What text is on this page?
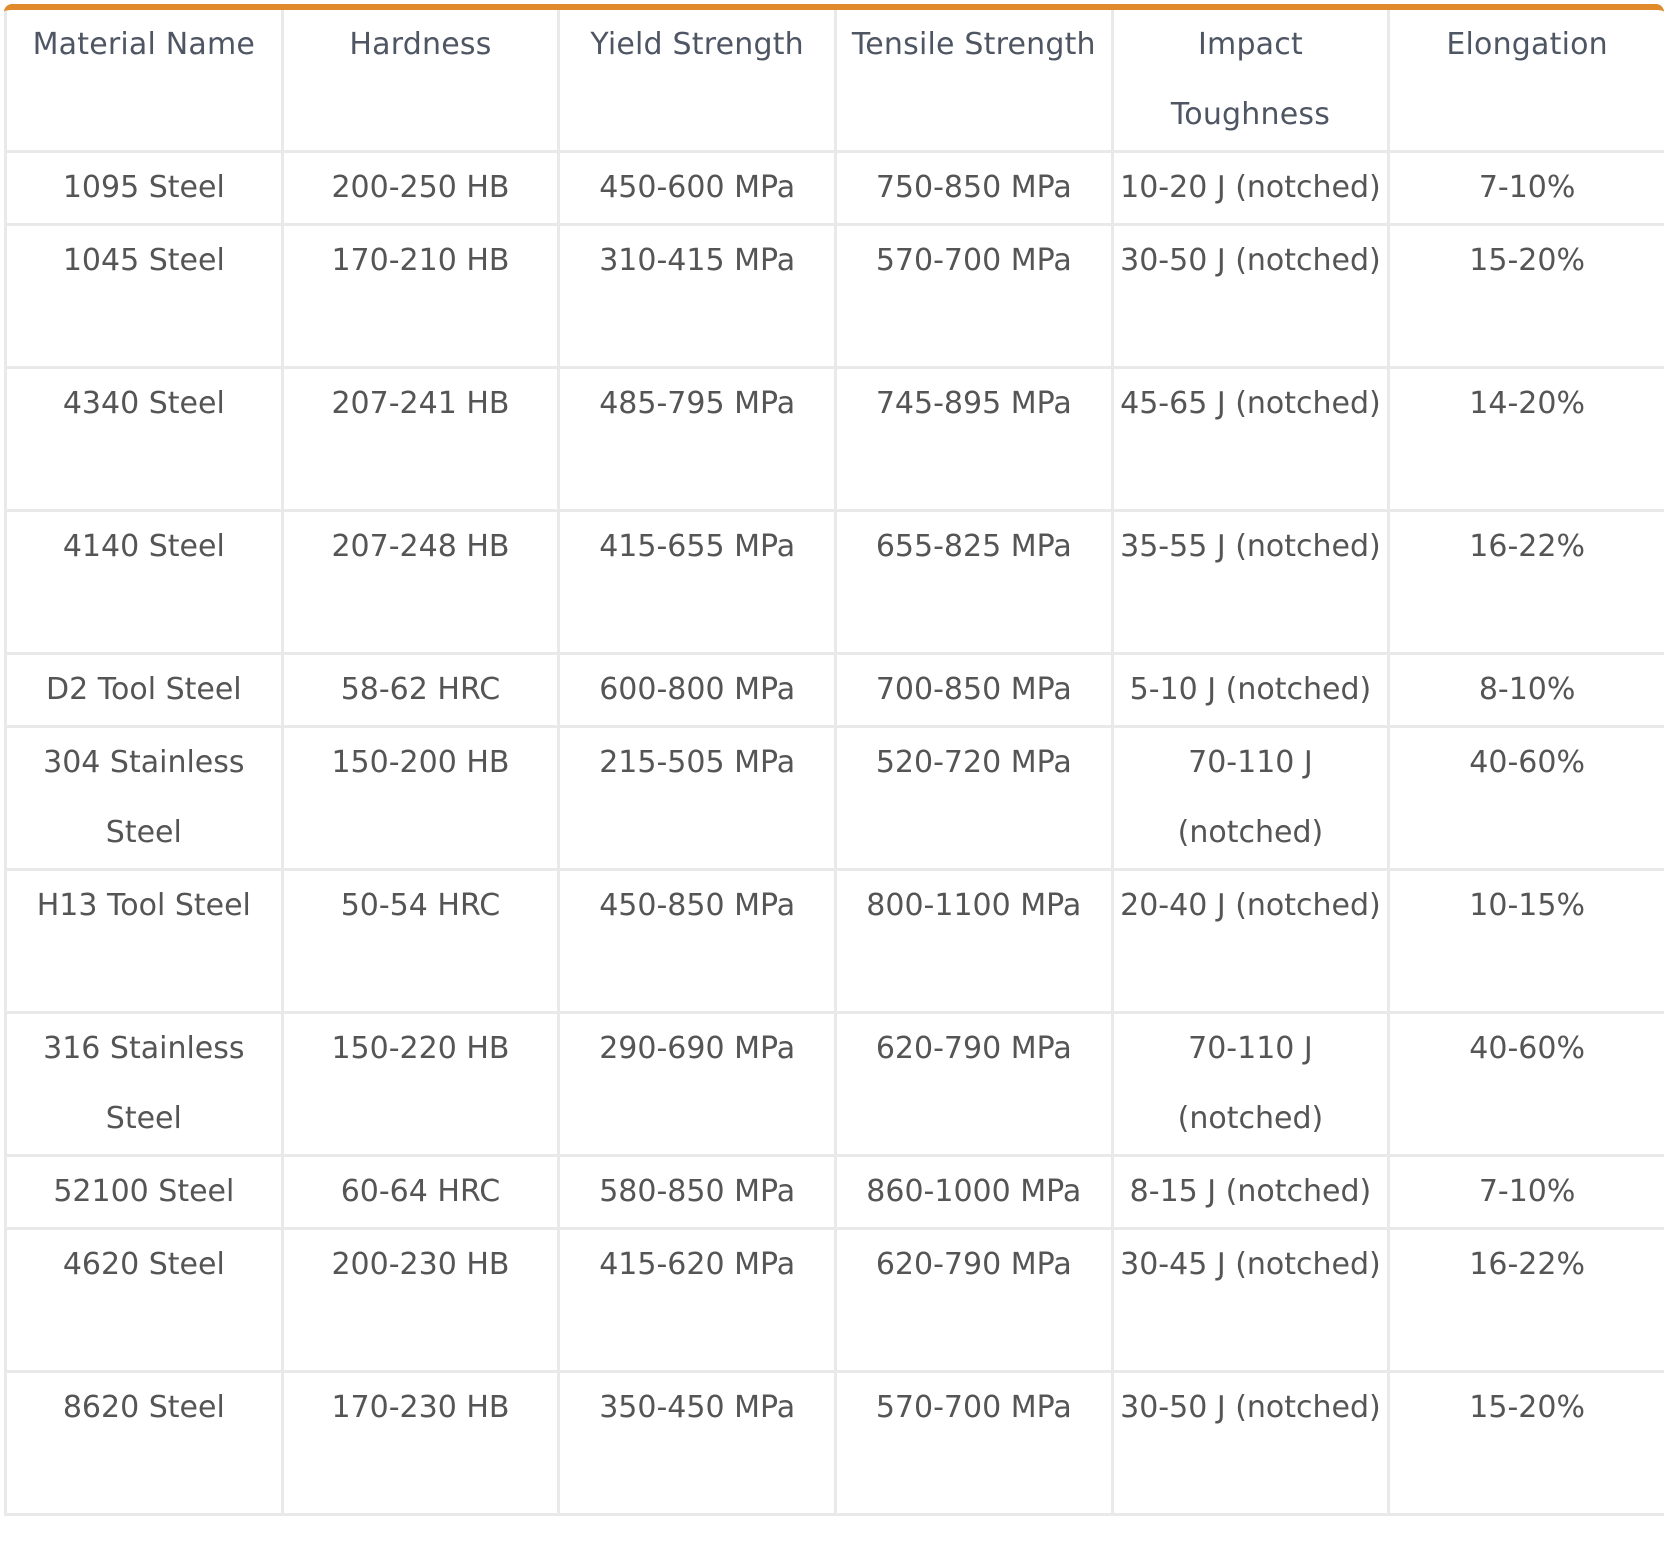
Material Name	Hardness	Yield Strength	Tensile Strength	Impact Toughness	Elongation
1095 Steel	200-250 HB	450-600 MPa	750-850 MPa	10-20 J (notched)	7-10%
1045 Steel	170-210 HB	310-415 MPa	570-700 MPa	30-50 J (notched)	15-20%
4340 Steel	207-241 HB	485-795 MPa	745-895 MPa	45-65 J (notched)	14-20%
4140 Steel	207-248 HB	415-655 MPa	655-825 MPa	35-55 J (notched)	16-22%
D2 Tool Steel	58-62 HRC	600-800 MPa	700-850 MPa	5-10 J (notched)	8-10%
304 Stainless Steel	150-200 HB	215-505 MPa	520-720 MPa	70-110 J (notched)	40-60%
H13 Tool Steel	50-54 HRC	450-850 MPa	800-1100 MPa	20-40 J (notched)	10-15%
316 Stainless Steel	150-220 HB	290-690 MPa	620-790 MPa	70-110 J (notched)	40-60%
52100 Steel	60-64 HRC	580-850 MPa	860-1000 MPa	8-15 J (notched)	7-10%
4620 Steel	200-230 HB	415-620 MPa	620-790 MPa	30-45 J (notched)	16-22%
8620 Steel	170-230 HB	350-450 MPa	570-700 MPa	30-50 J (notched)	15-20%
